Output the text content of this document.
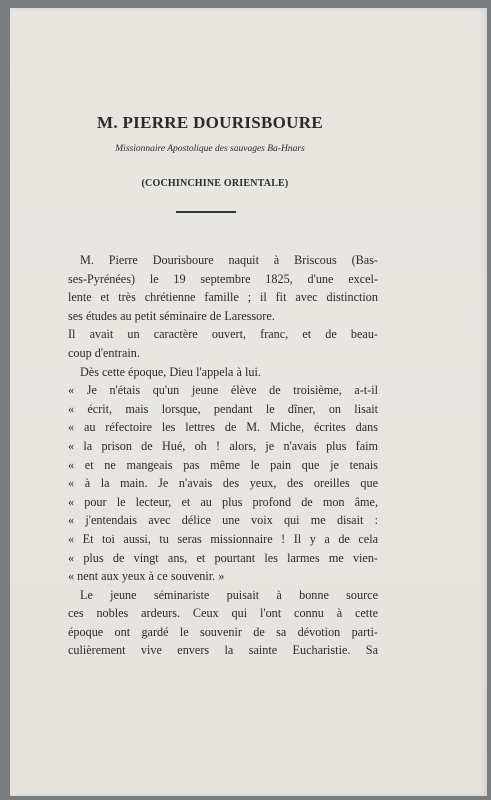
M. PIERRE DOURISBOURE
Missionnaire Apostolique des sauvages Ba-Hnars
(COCHINCHINE ORIENTALE)
M. Pierre Dourisboure naquit à Briscous (Bas-
ses-Pyrénées) le 19 septembre 1825, d'une excel-
lente et très chrétienne famille ; il fit avec distinction
ses études au petit séminaire de Laressore.
Il avait un caractère ouvert, franc, et de beau-
coup d'entrain.
Dès cette époque, Dieu l'appela à lui.
« Je n'étais qu'un jeune élève de troisième, a-t-il
« écrit, mais lorsque, pendant le dîner, on lisait
« au réfectoire les lettres de M. Miche, écrites dans
« la prison de Hué, oh ! alors, je n'avais plus faim
« et ne mangeais pas même le pain que je tenais
« à la main. Je n'avais des yeux, des oreilles que
« pour le lecteur, et au plus profond de mon âme,
« j'entendais avec délice une voix qui me disait :
« Et toi aussi, tu seras missionnaire ! Il y a de cela
« plus de vingt ans, et pourtant les larmes me vien-
« nent aux yeux à ce souvenir. »
Le jeune séminariste puisait à bonne source
ces nobles ardeurs. Ceux qui l'ont connu à cette
époque ont gardé le souvenir de sa dévotion parti-
culièrement vive envers la sainte Eucharistie. Sa
